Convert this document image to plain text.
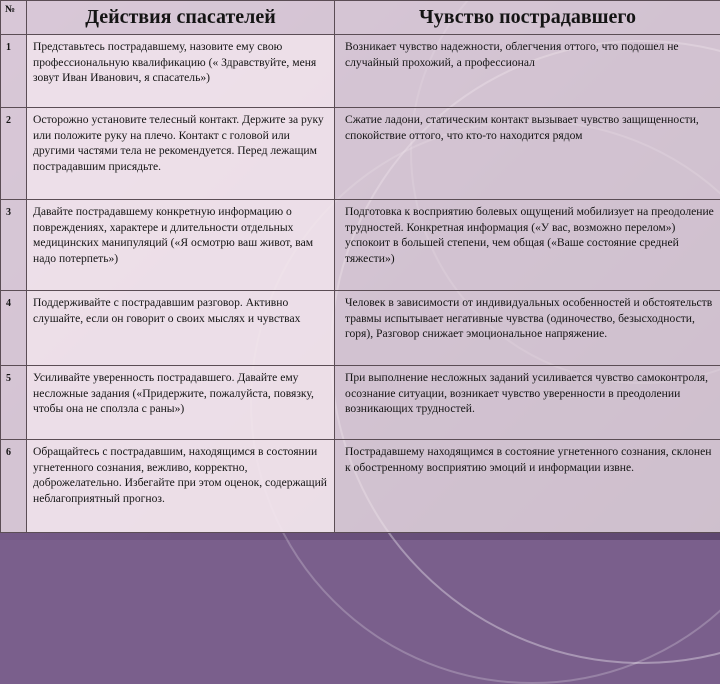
№	Действия спасателей	Чувство пострадавшего
1	Представьтесь пострадавшему, назовите ему свою профессиональную квалификацию (« Здравствуйте, меня зовут Иван Иванович, я спасатель»)	Возникает чувство надежности, облегчения оттого, что подошел не случайный прохожий, а профессионал
2	Осторожно установите телесный контакт. Держите за руку или положите руку на плечо. Контакт с головой или другими частями тела не рекомендуется. Перед лежащим пострадавшим присядьте.	Сжатие ладони, статическим контакт вызывает чувство защищенности, спокойствие оттого, что кто-то находится рядом
3	Давайте пострадавшему конкретную информацию о повреждениях, характере и длительности отдельных медицинских манипуляций («Я осмотрю ваш живот, вам надо потерпеть»)	Подготовка к восприятию болевых ощущений мобилизует на преодоление трудностей. Конкретная информация («У вас, возможно перелом») успокоит в большей степени, чем общая («Ваше состояние средней тяжести»)
4	Поддерживайте с пострадавшим разговор. Активно слушайте, если он говорит о своих мыслях и чувствах	Человек в зависимости от индивидуальных особенностей и обстоятельств травмы испытывает негативные чувства (одиночество, безысходности, горя), Разговор снижает эмоциональное напряжение.
5	Усиливайте уверенность пострадавшего. Давайте ему несложные задания («Придержите, пожалуйста, повязку, чтобы она не сползла с раны»)	При выполнение несложных заданий усиливается чувство самоконтроля, осознание ситуации, возникает чувство уверенности в преодолении возникающих трудностей.
6	Обращайтесь с пострадавшим, находящимся в состоянии угнетенного сознания, вежливо, корректно, доброжелательно. Избегайте при этом оценок, содержащий неблагоприятный прогноз.	Пострадавшему находящимся в состояние угнетенного сознания, склонен к обостренному восприятию эмоций и информации извне.
